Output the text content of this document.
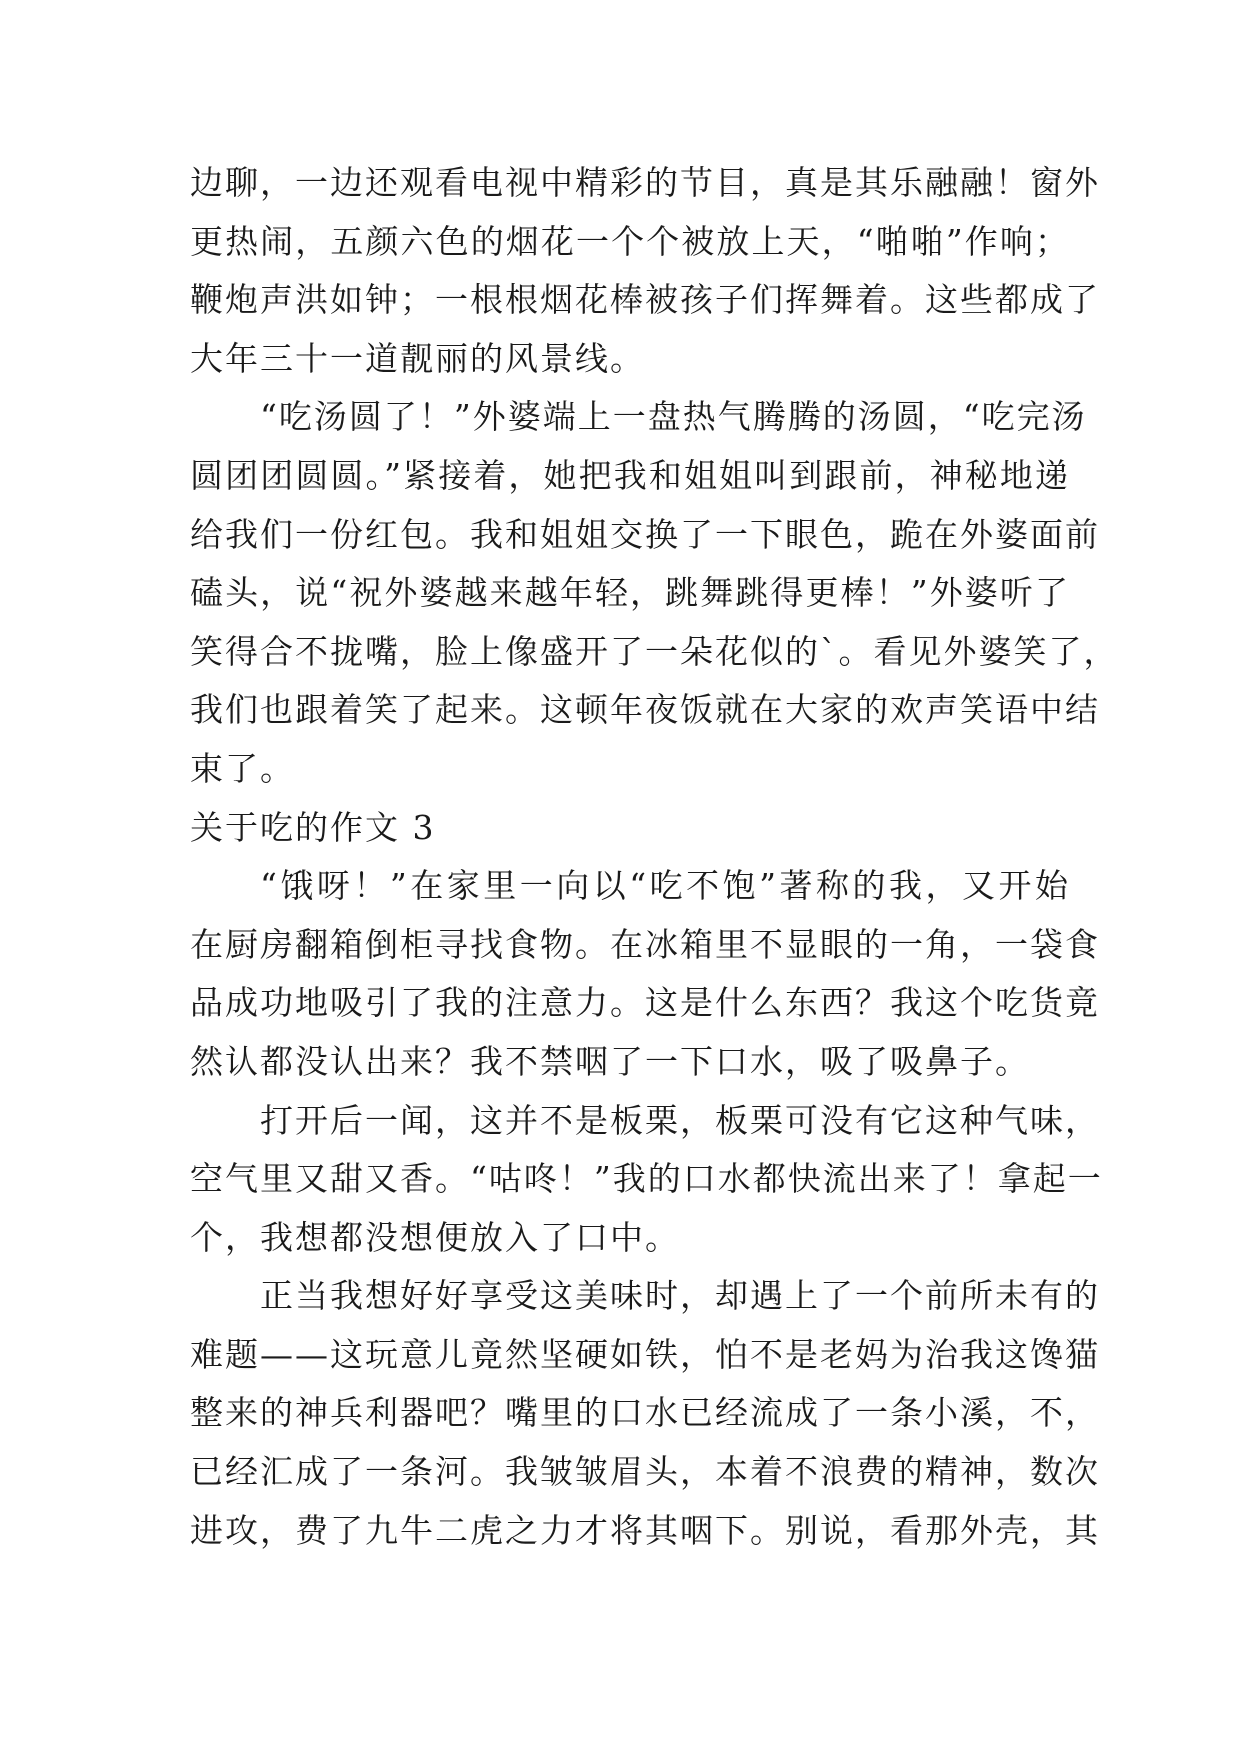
边聊，一边还观看电视中精彩的节目，真是其乐融融！窗外
更热闹，五颜六色的烟花一个个被放上天，“啪啪”作响；
鞭炮声洪如钟；一根根烟花棒被孩子们挥舞着。这些都成了
大年三十一道靓丽的风景线。
“吃汤圆了！”外婆端上一盘热气腾腾的汤圆，“吃完汤
圆团团圆圆。”紧接着，她把我和姐姐叫到跟前，神秘地递
给我们一份红包。我和姐姐交换了一下眼色，跪在外婆面前
磕头，说“祝外婆越来越年轻，跳舞跳得更棒！”外婆听了
笑得合不拢嘴，脸上像盛开了一朵花似的`。看见外婆笑了，
我们也跟着笑了起来。这顿年夜饭就在大家的欢声笑语中结
束了。
关于吃的作文 3
“饿呀！”在家里一向以“吃不饱”著称的我，又开始
在厨房翻箱倒柜寻找食物。在冰箱里不显眼的一角，一袋食
品成功地吸引了我的注意力。这是什么东西？我这个吃货竟
然认都没认出来？我不禁咽了一下口水，吸了吸鼻子。
打开后一闻，这并不是板栗，板栗可没有它这种气味，
空气里又甜又香。“咕咚！”我的口水都快流出来了！拿起一
个，我想都没想便放入了口中。
正当我想好好享受这美味时，却遇上了一个前所未有的
难题——这玩意儿竟然坚硬如铁，怕不是老妈为治我这馋猫
整来的神兵利器吧？嘴里的口水已经流成了一条小溪，不，
已经汇成了一条河。我皱皱眉头，本着不浪费的精神，数次
进攻，费了九牛二虎之力才将其咽下。别说，看那外壳，其
